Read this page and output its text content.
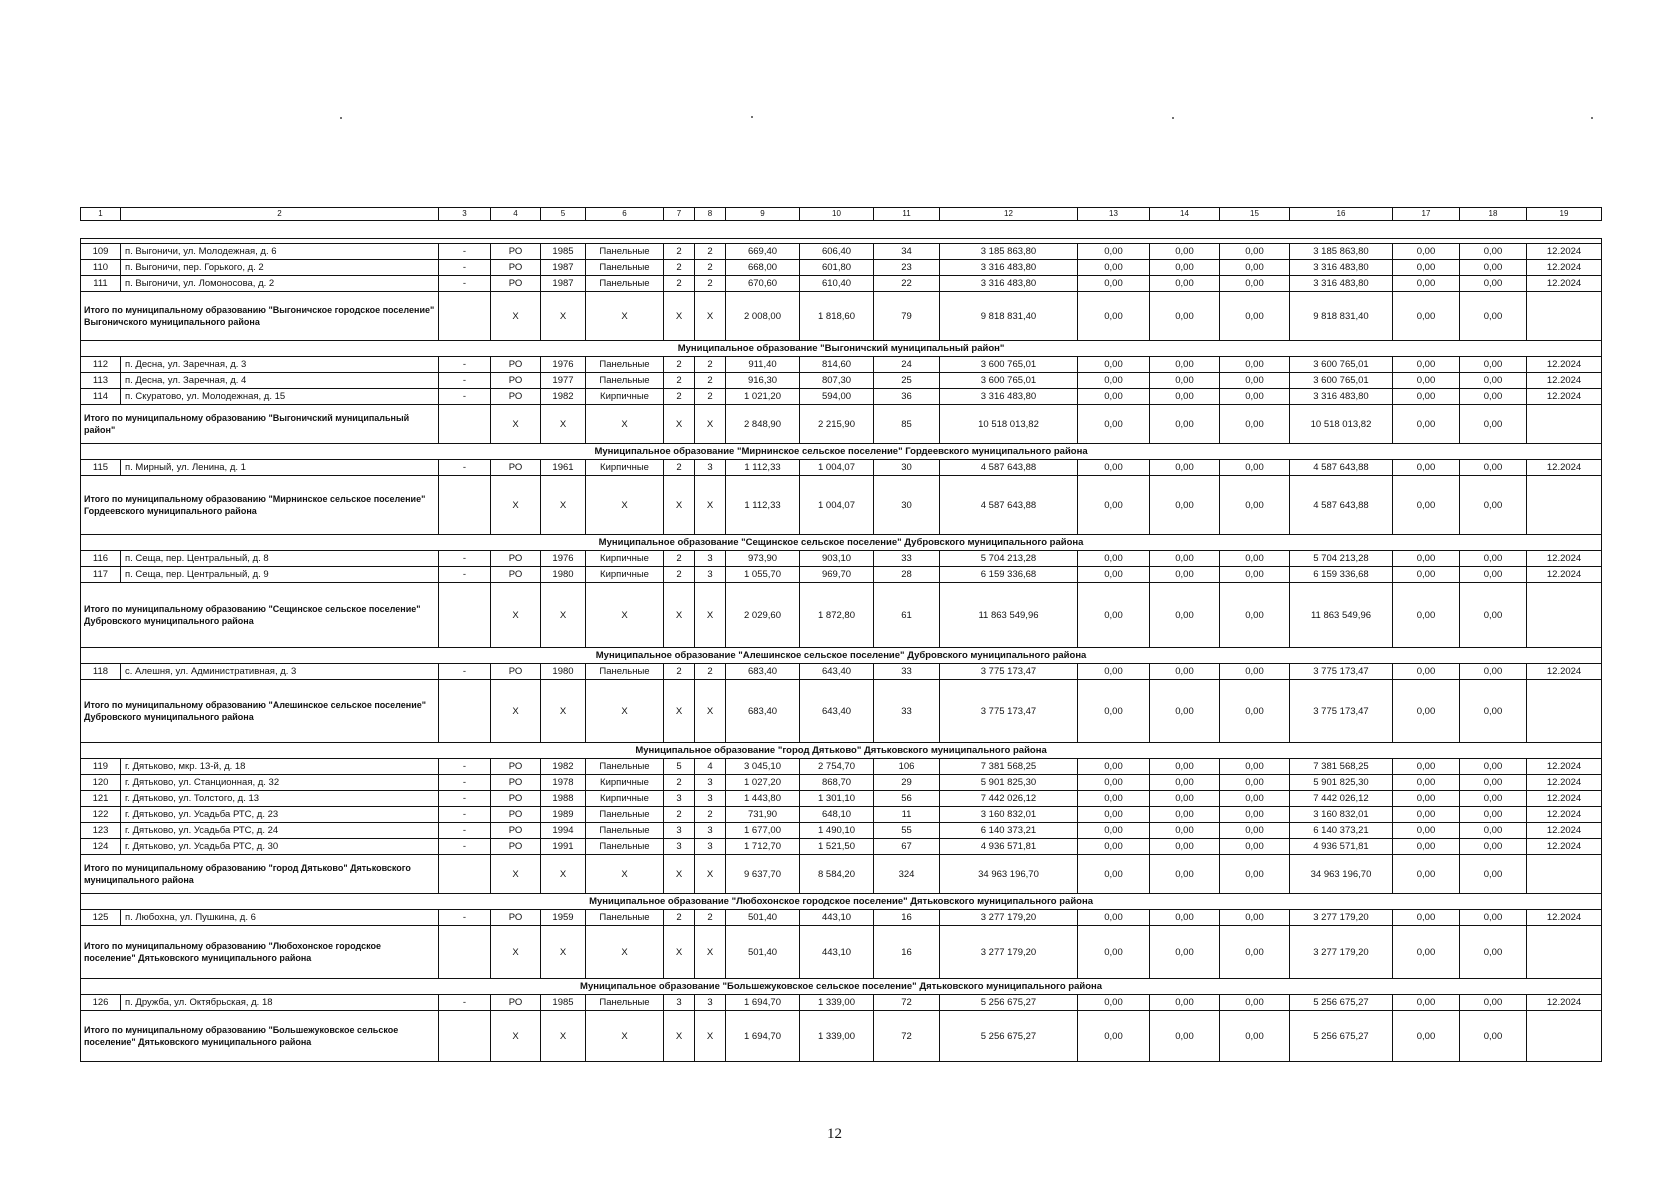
1	2	3	4	5	6	7	8	9	10	11	12	13	14	15	16	17	18	19

109	п. Выгоничи, ул. Молодежная, д. 6	-	РО	1985	Панельные	2	2	669,40	606,40	34	3 185 863,80	0,00	0,00	0,00	3 185 863,80	0,00	0,00	12.2024
110	п. Выгоничи, пер. Горького, д. 2	-	РО	1987	Панельные	2	2	668,00	601,80	23	3 316 483,80	0,00	0,00	0,00	3 316 483,80	0,00	0,00	12.2024
111	п. Выгоничи, ул. Ломоносова, д. 2	-	РО	1987	Панельные	2	2	670,60	610,40	22	3 316 483,80	0,00	0,00	0,00	3 316 483,80	0,00	0,00	12.2024
Итого по муниципальному образованию "Выгоничское городское поселение" Выгоничского муниципального района			X	X	X	X	X	2 008,00	1 818,60	79	9 818 831,40	0,00	0,00	0,00	9 818 831,40	0,00	0,00	
Муниципальное образование "Выгоничский муниципальный район"																		
112	п. Десна, ул. Заречная, д. 3	-	РО	1976	Панельные	2	2	911,40	814,60	24	3 600 765,01	0,00	0,00	0,00	3 600 765,01	0,00	0,00	12.2024
113	п. Десна, ул. Заречная, д. 4	-	РО	1977	Панельные	2	2	916,30	807,30	25	3 600 765,01	0,00	0,00	0,00	3 600 765,01	0,00	0,00	12.2024
114	п. Скуратово, ул. Молодежная, д. 15	-	РО	1982	Кирпичные	2	2	1 021,20	594,00	36	3 316 483,80	0,00	0,00	0,00	3 316 483,80	0,00	0,00	12.2024
Итого по муниципальному образованию "Выгоничский муниципальный район"			X	X	X	X	X	2 848,90	2 215,90	85	10 518 013,82	0,00	0,00	0,00	10 518 013,82	0,00	0,00	
Муниципальное образование "Мирнинское сельское поселение" Гордеевского муниципального района																		
115	п. Мирный, ул. Ленина, д. 1	-	РО	1961	Кирпичные	2	3	1 112,33	1 004,07	30	4 587 643,88	0,00	0,00	0,00	4 587 643,88	0,00	0,00	12.2024
Итого по муниципальному образованию "Мирнинское сельское поселение" Гордеевского муниципального района			X	X	X	X	X	1 112,33	1 004,07	30	4 587 643,88	0,00	0,00	0,00	4 587 643,88	0,00	0,00	
Муниципальное образование "Сещинское сельское поселение" Дубровского муниципального района																		
116	п. Сеща, пер. Центральный, д. 8	-	РО	1976	Кирпичные	2	3	973,90	903,10	33	5 704 213,28	0,00	0,00	0,00	5 704 213,28	0,00	0,00	12.2024
117	п. Сеща, пер. Центральный, д. 9	-	РО	1980	Кирпичные	2	3	1 055,70	969,70	28	6 159 336,68	0,00	0,00	0,00	6 159 336,68	0,00	0,00	12.2024
Итого по муниципальному образованию "Сещинское сельское поселение" Дубровского муниципального района			X	X	X	X	X	2 029,60	1 872,80	61	11 863 549,96	0,00	0,00	0,00	11 863 549,96	0,00	0,00	
Муниципальное образование "Алешинское сельское поселение" Дубровского муниципального района																		
118	с. Алешня, ул. Административная, д. 3	-	РО	1980	Панельные	2	2	683,40	643,40	33	3 775 173,47	0,00	0,00	0,00	3 775 173,47	0,00	0,00	12.2024
Итого по муниципальному образованию "Алешинское сельское поселение" Дубровского муниципального района			X	X	X	X	X	683,40	643,40	33	3 775 173,47	0,00	0,00	0,00	3 775 173,47	0,00	0,00	
Муниципальное образование "город Дятьково" Дятьковского муниципального района																		
119	г. Дятьково, мкр. 13-й, д. 18	-	РО	1982	Панельные	5	4	3 045,10	2 754,70	106	7 381 568,25	0,00	0,00	0,00	7 381 568,25	0,00	0,00	12.2024
120	г. Дятьково, ул. Станционная, д. 32	-	РО	1978	Кирпичные	2	3	1 027,20	868,70	29	5 901 825,30	0,00	0,00	0,00	5 901 825,30	0,00	0,00	12.2024
121	г. Дятьково, ул. Толстого, д. 13	-	РО	1988	Кирпичные	3	3	1 443,80	1 301,10	56	7 442 026,12	0,00	0,00	0,00	7 442 026,12	0,00	0,00	12.2024
122	г. Дятьково, ул. Усадьба РТС, д. 23	-	РО	1989	Панельные	2	2	731,90	648,10	11	3 160 832,01	0,00	0,00	0,00	3 160 832,01	0,00	0,00	12.2024
123	г. Дятьково, ул. Усадьба РТС, д. 24	-	РО	1994	Панельные	3	3	1 677,00	1 490,10	55	6 140 373,21	0,00	0,00	0,00	6 140 373,21	0,00	0,00	12.2024
124	г. Дятьково, ул. Усадьба РТС, д. 30	-	РО	1991	Панельные	3	3	1 712,70	1 521,50	67	4 936 571,81	0,00	0,00	0,00	4 936 571,81	0,00	0,00	12.2024
Итого по муниципальному образованию "город Дятьково" Дятьковского муниципального района			X	X	X	X	X	9 637,70	8 584,20	324	34 963 196,70	0,00	0,00	0,00	34 963 196,70	0,00	0,00	
Муниципальное образование "Любохонское городское поселение" Дятьковского муниципального района																		
125	п. Любохна, ул. Пушкина, д. 6	-	РО	1959	Панельные	2	2	501,40	443,10	16	3 277 179,20	0,00	0,00	0,00	3 277 179,20	0,00	0,00	12.2024
Итого по муниципальному образованию "Любохонское городское поселение" Дятьковского муниципального района			X	X	X	X	X	501,40	443,10	16	3 277 179,20	0,00	0,00	0,00	3 277 179,20	0,00	0,00	
Муниципальное образование "Большежуковское сельское поселение" Дятьковского муниципального района																		
126	п. Дружба, ул. Октябрьская, д. 18	-	РО	1985	Панельные	3	3	1 694,70	1 339,00	72	5 256 675,27	0,00	0,00	0,00	5 256 675,27	0,00	0,00	12.2024
Итого по муниципальному образованию "Большежуковское сельское поселение" Дятьковского муниципального района			X	X	X	X	X	1 694,70	1 339,00	72	5 256 675,27	0,00	0,00	0,00	5 256 675,27	0,00	0,00	
12
